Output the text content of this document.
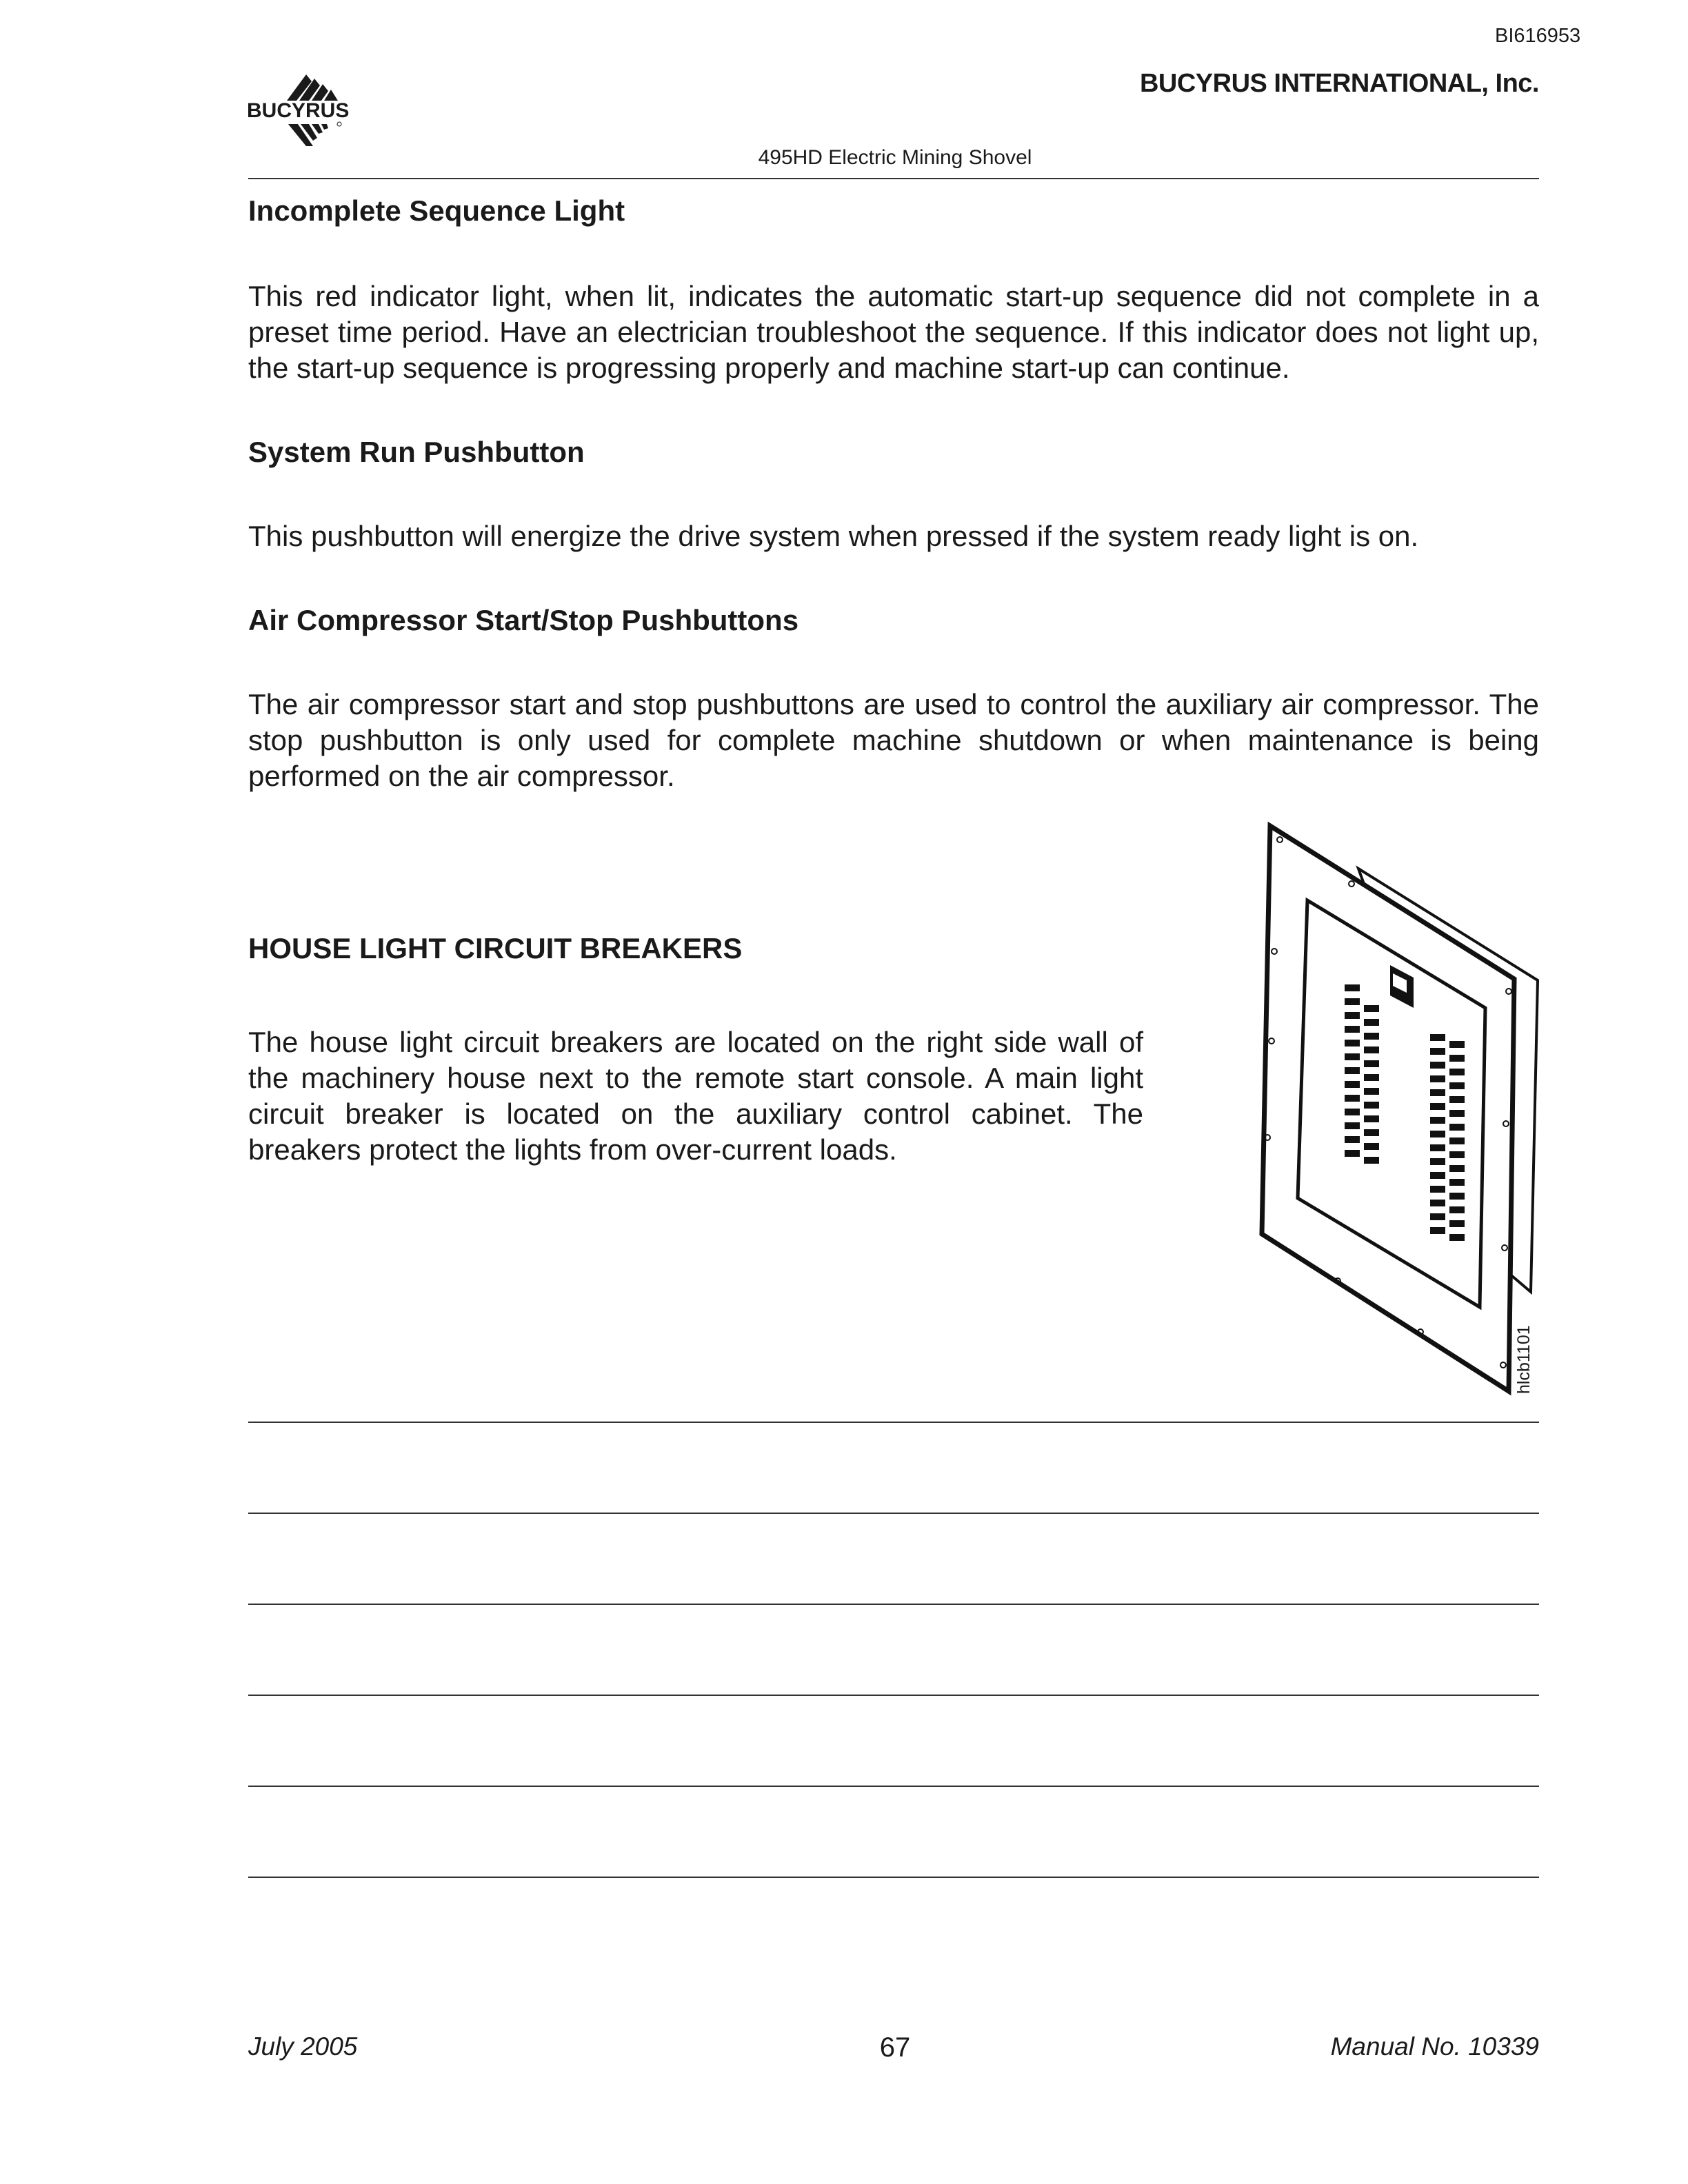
BI616953
BUCYRUS
BUCYRUS INTERNATIONAL, Inc.
495HD Electric Mining Shovel
Incomplete Sequence Light
This red indicator light, when lit, indicates the automatic start-up sequence did not complete in a preset time period. Have an electrician troubleshoot the sequence. If this indicator does not light up, the start-up sequence is progressing properly and machine start-up can continue.
System Run Pushbutton
This pushbutton will energize the drive system when pressed if the system ready light is on.
Air Compressor Start/Stop Pushbuttons
The air compressor start and stop pushbuttons are used to control the auxiliary air compressor. The stop pushbutton is only used for complete machine shutdown or when maintenance is being performed on the air compressor.
HOUSE LIGHT CIRCUIT BREAKERS
The house light circuit breakers are located on the right side wall of the machinery house next to the remote start console. A main light circuit breaker is located on the auxiliary control cabinet. The breakers protect the lights from over-current loads.
hlcb1101
July 2005	67	Manual No. 10339
